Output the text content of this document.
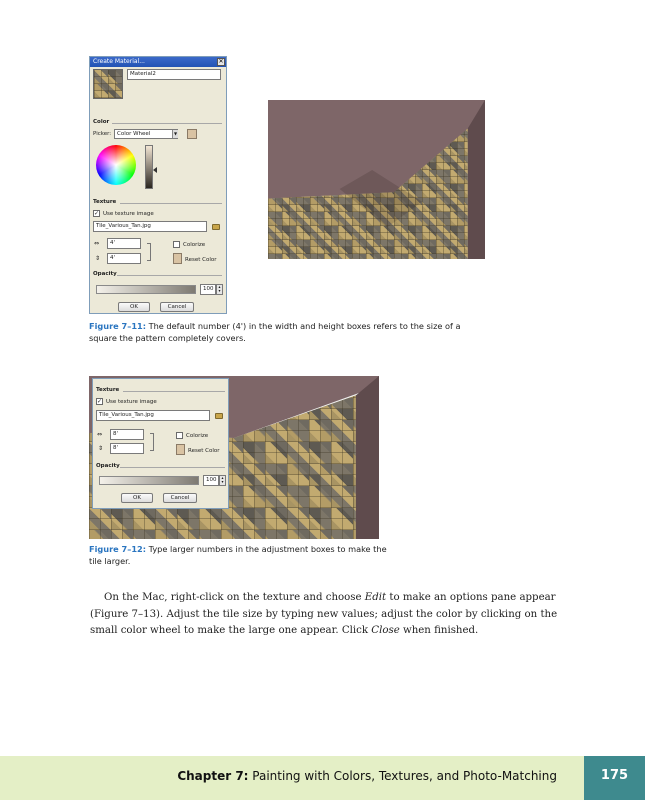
Create Material...	✕
Material2
Color
Picker:	Color Wheel	▼
Texture
✓ Use texture image
Tile_Various_Tan.jpg
⇔	4'
⇕	4'
Colorize
Reset Color
Opacity
100	▴
▾
OK	Cancel
Figure 7–11: The default number (4') in the width and height boxes refers to the size of a square the pattern completely covers.
Texture
✓ Use texture image
Tile_Various_Tan.jpg
⇔	8'
⇕	8'
Colorize
Reset Color
Opacity
100	▴
▾
OK	Cancel
Figure 7–12: Type larger numbers in the adjustment boxes to make the tile larger.
On the Mac, right-click on the texture and choose Edit to make an options pane appear (Figure 7–13). Adjust the tile size by typing new values; adjust the color by clicking on the small color wheel to make the large one appear. Click Close when finished.
Chapter 7: Painting with Colors, Textures, and Photo-Matching	175
